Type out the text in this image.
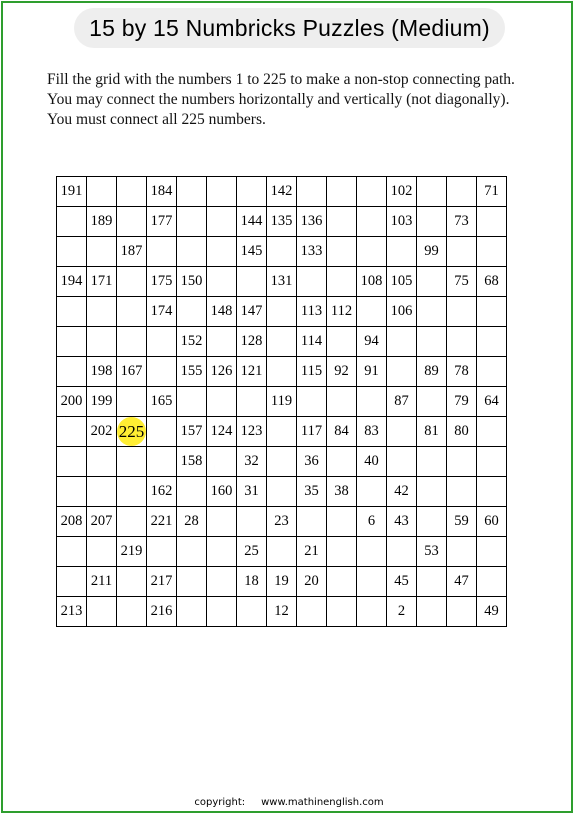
15 by 15 Numbricks Puzzles (Medium)
Fill the grid with the numbers 1 to 225 to make a non-stop connecting path.
You may connect the numbers horizontally and vertically (not diagonally).
You must connect all 225 numbers.
191			184				142				102			71
	189		177			144	135	136			103		73	
		187				145		133				99		
194	171		175	150			131			108	105		75	68
			174		148	147		113	112		106			
				152		128		114		94				
	198	167		155	126	121		115	92	91		89	78	
200	199		165				119				87		79	64
	202	225		157	124	123		117	84	83		81	80	
				158		32		36		40				
			162		160	31		35	38		42			
208	207		221	28			23			6	43		59	60
		219				25		21				53		
	211		217			18	19	20			45		47	
213			216				12				2			49
copyright: www.mathinenglish.com
